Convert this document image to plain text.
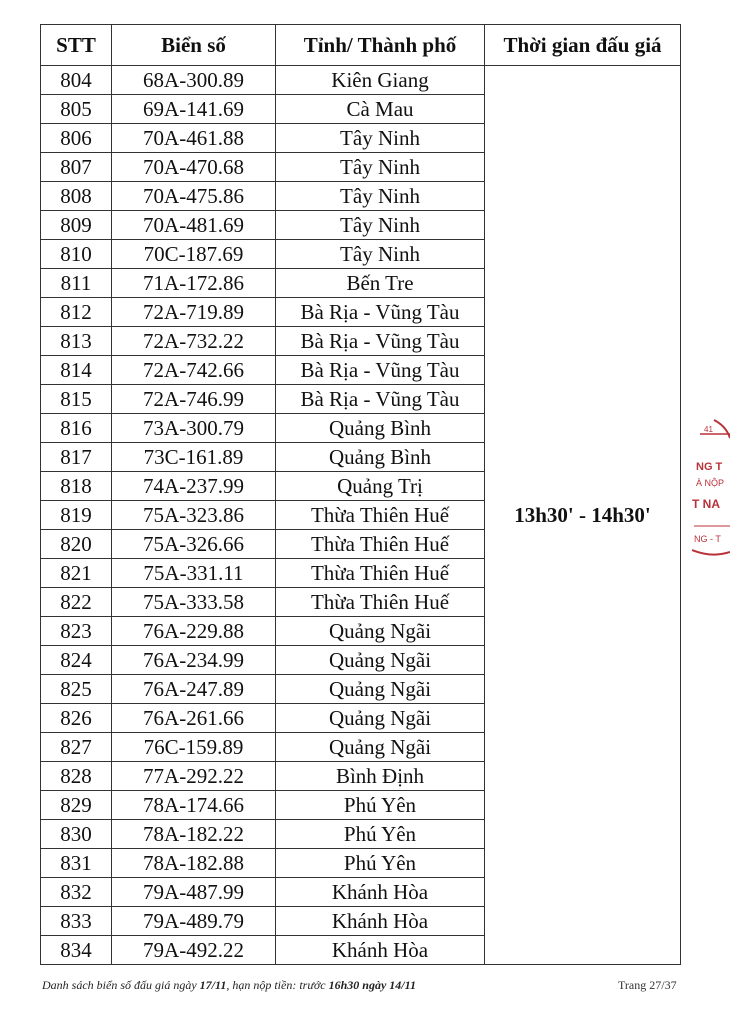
STT	Biển số	Tỉnh/ Thành phố	Thời gian đấu giá
804	68A-300.89	Kiên Giang	13h30' - 14h30'
805	69A-141.69	Cà Mau	
806	70A-461.88	Tây Ninh	
807	70A-470.68	Tây Ninh	
808	70A-475.86	Tây Ninh	
809	70A-481.69	Tây Ninh	
810	70C-187.69	Tây Ninh	
811	71A-172.86	Bến Tre	
812	72A-719.89	Bà Rịa - Vũng Tàu	
813	72A-732.22	Bà Rịa - Vũng Tàu	
814	72A-742.66	Bà Rịa - Vũng Tàu	
815	72A-746.99	Bà Rịa - Vũng Tàu	
816	73A-300.79	Quảng Bình	
817	73C-161.89	Quảng Bình	
818	74A-237.99	Quảng Trị	
819	75A-323.86	Thừa Thiên Huế	
820	75A-326.66	Thừa Thiên Huế	
821	75A-331.11	Thừa Thiên Huế	
822	75A-333.58	Thừa Thiên Huế	
823	76A-229.88	Quảng Ngãi	
824	76A-234.99	Quảng Ngãi	
825	76A-247.89	Quảng Ngãi	
826	76A-261.66	Quảng Ngãi	
827	76C-159.89	Quảng Ngãi	
828	77A-292.22	Bình Định	
829	78A-174.66	Phú Yên	
830	78A-182.22	Phú Yên	
831	78A-182.88	Phú Yên	
832	79A-487.99	Khánh Hòa	
833	79A-489.79	Khánh Hòa	
834	79A-492.22	Khánh Hòa	
Danh sách biển số đấu giá ngày 17/11, hạn nộp tiền: trước 16h30 ngày 14/11	Trang 27/37
41
NG T
À NỘP
T NA
NG - T
